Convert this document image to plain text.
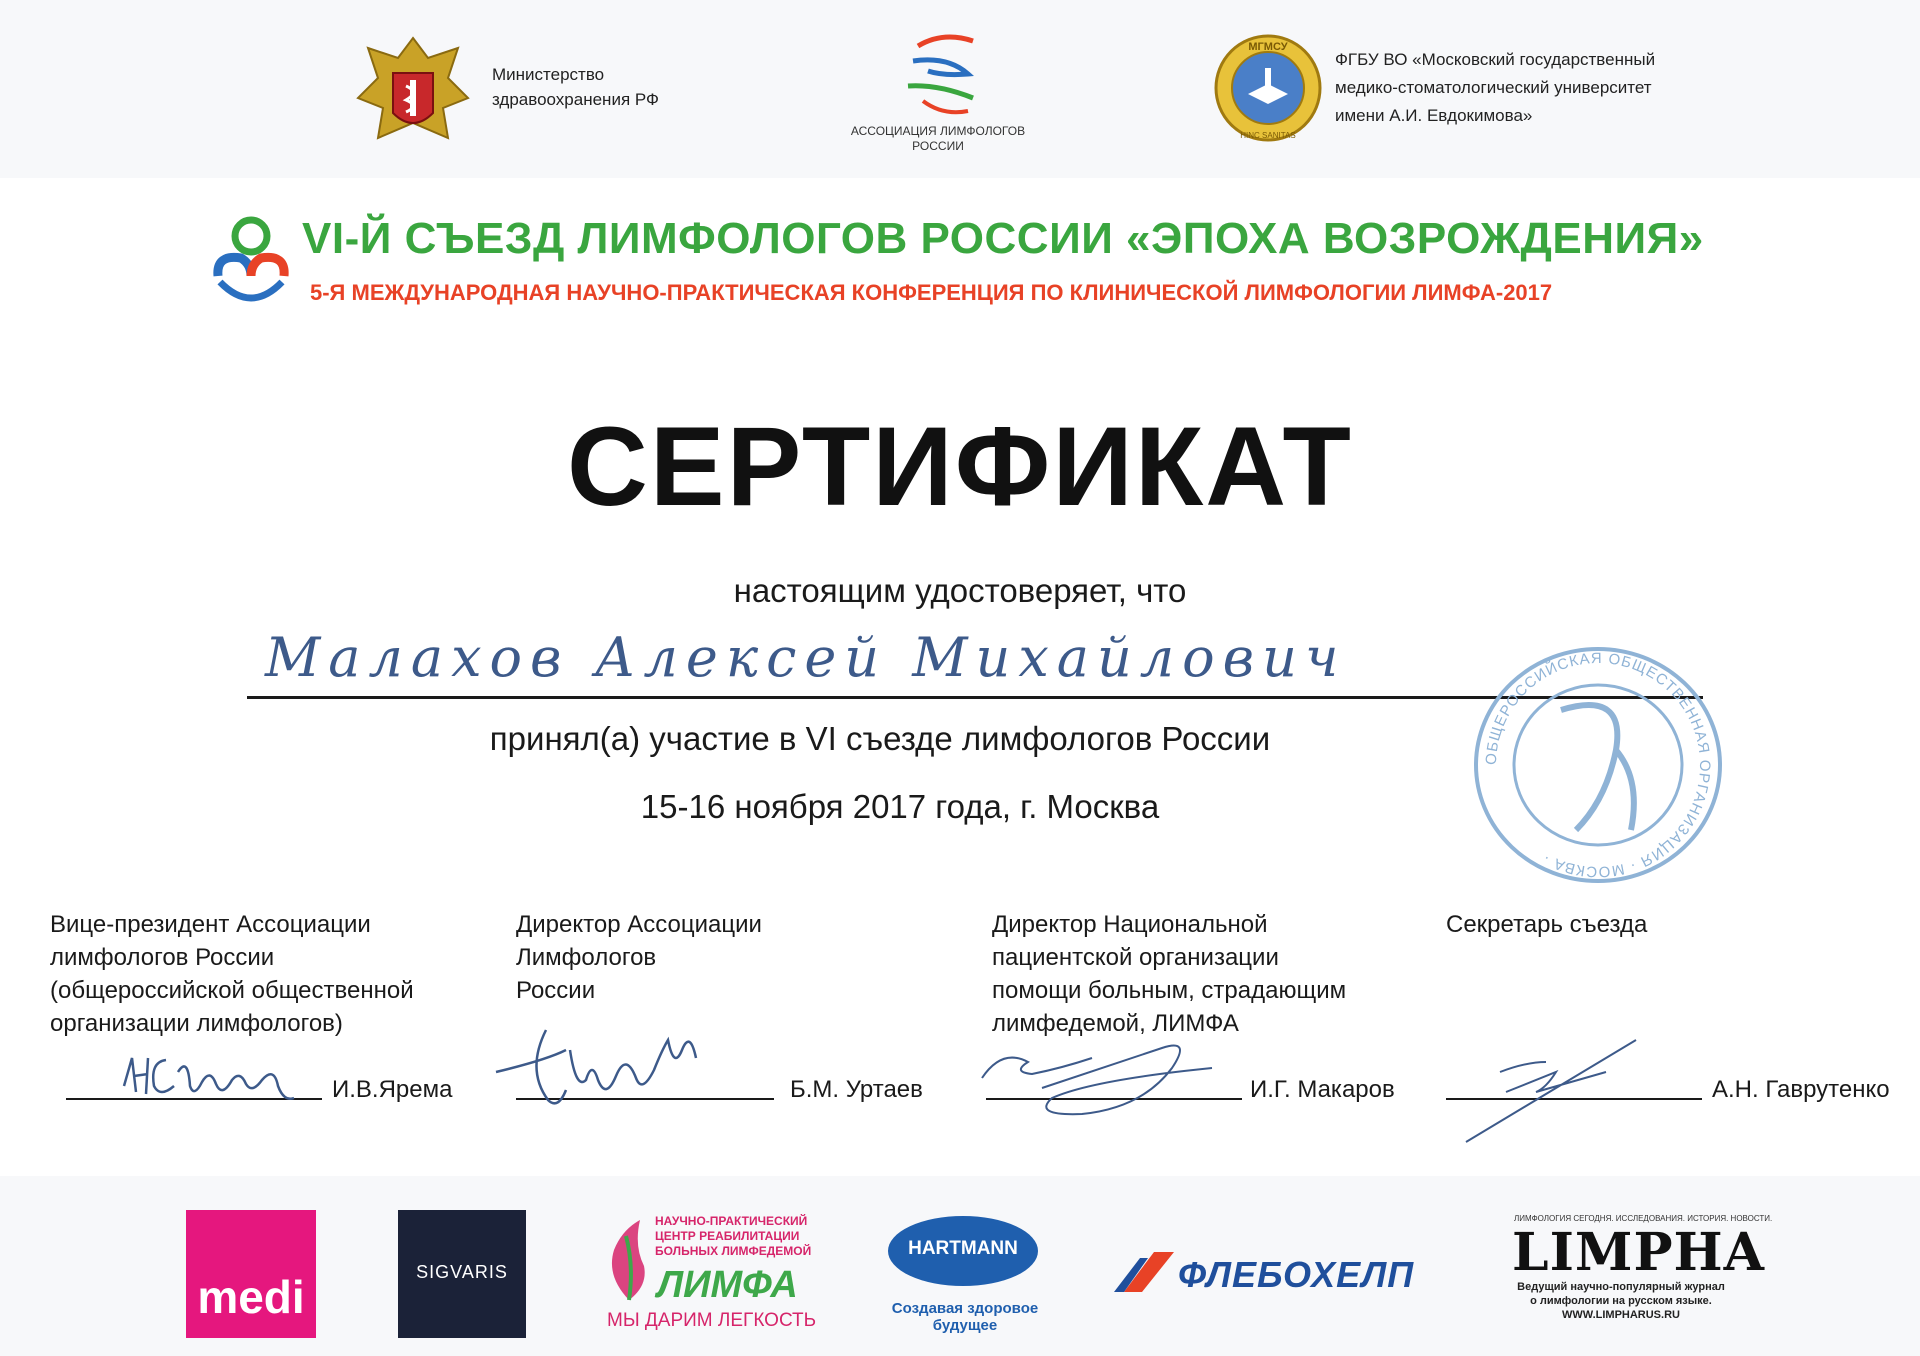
Министерство
здравоохранения РФ
АССОЦИАЦИЯ ЛИМФОЛОГОВ
РОССИИ
МГМСУ
HINC SANITAS
ФГБУ ВО «Московский государственный
медико-стоматологический университет
имени А.И. Евдокимова»
VI-Й СЪЕЗД ЛИМФОЛОГОВ РОССИИ «ЭПОХА ВОЗРОЖДЕНИЯ»
5-Я МЕЖДУНАРОДНАЯ НАУЧНО-ПРАКТИЧЕСКАЯ КОНФЕРЕНЦИЯ ПО КЛИНИЧЕСКОЙ ЛИМФОЛОГИИ ЛИМФА-2017
СЕРТИФИКАТ
настоящим удостоверяет, что
Малахов Алексей Михайлович
принял(а) участие в VI съезде лимфологов России
15-16 ноября 2017 года, г. Москва
ОБЩЕРОССИЙСКАЯ ОБЩЕСТВЕННАЯ ОРГАНИЗАЦИЯ · МОСКВА ·
Вице-президент Ассоциации
лимфологов России
(общероссийской общественной
организации лимфологов)
И.В.Ярема
Директор Ассоциации
Лимфологов
России
Б.М. Уртаев
Директор Национальной
пациентской организации
помощи больным, страдающим
лимфедемой, ЛИМФА
И.Г. Макаров
Секретарь съезда
А.Н. Гаврутенко
medi	SIGVARIS
НАУЧНО-ПРАКТИЧЕСКИЙ
ЦЕНТР РЕАБИЛИТАЦИИ
БОЛЬНЫХ ЛИМФЕДЕМОЙ
ЛИМФА
МЫ ДАРИМ ЛЕГКОСТЬ
HARTMANN
Создавая здоровое
будущее
ФЛЕБОХЕЛП
ЛИМФОЛОГИЯ СЕГОДНЯ. ИССЛЕДОВАНИЯ. ИСТОРИЯ. НОВОСТИ.
LIMPHA
Ведущий научно-популярный журнал
о лимфологии на русском языке.
WWW.LIMPHARUS.RU
